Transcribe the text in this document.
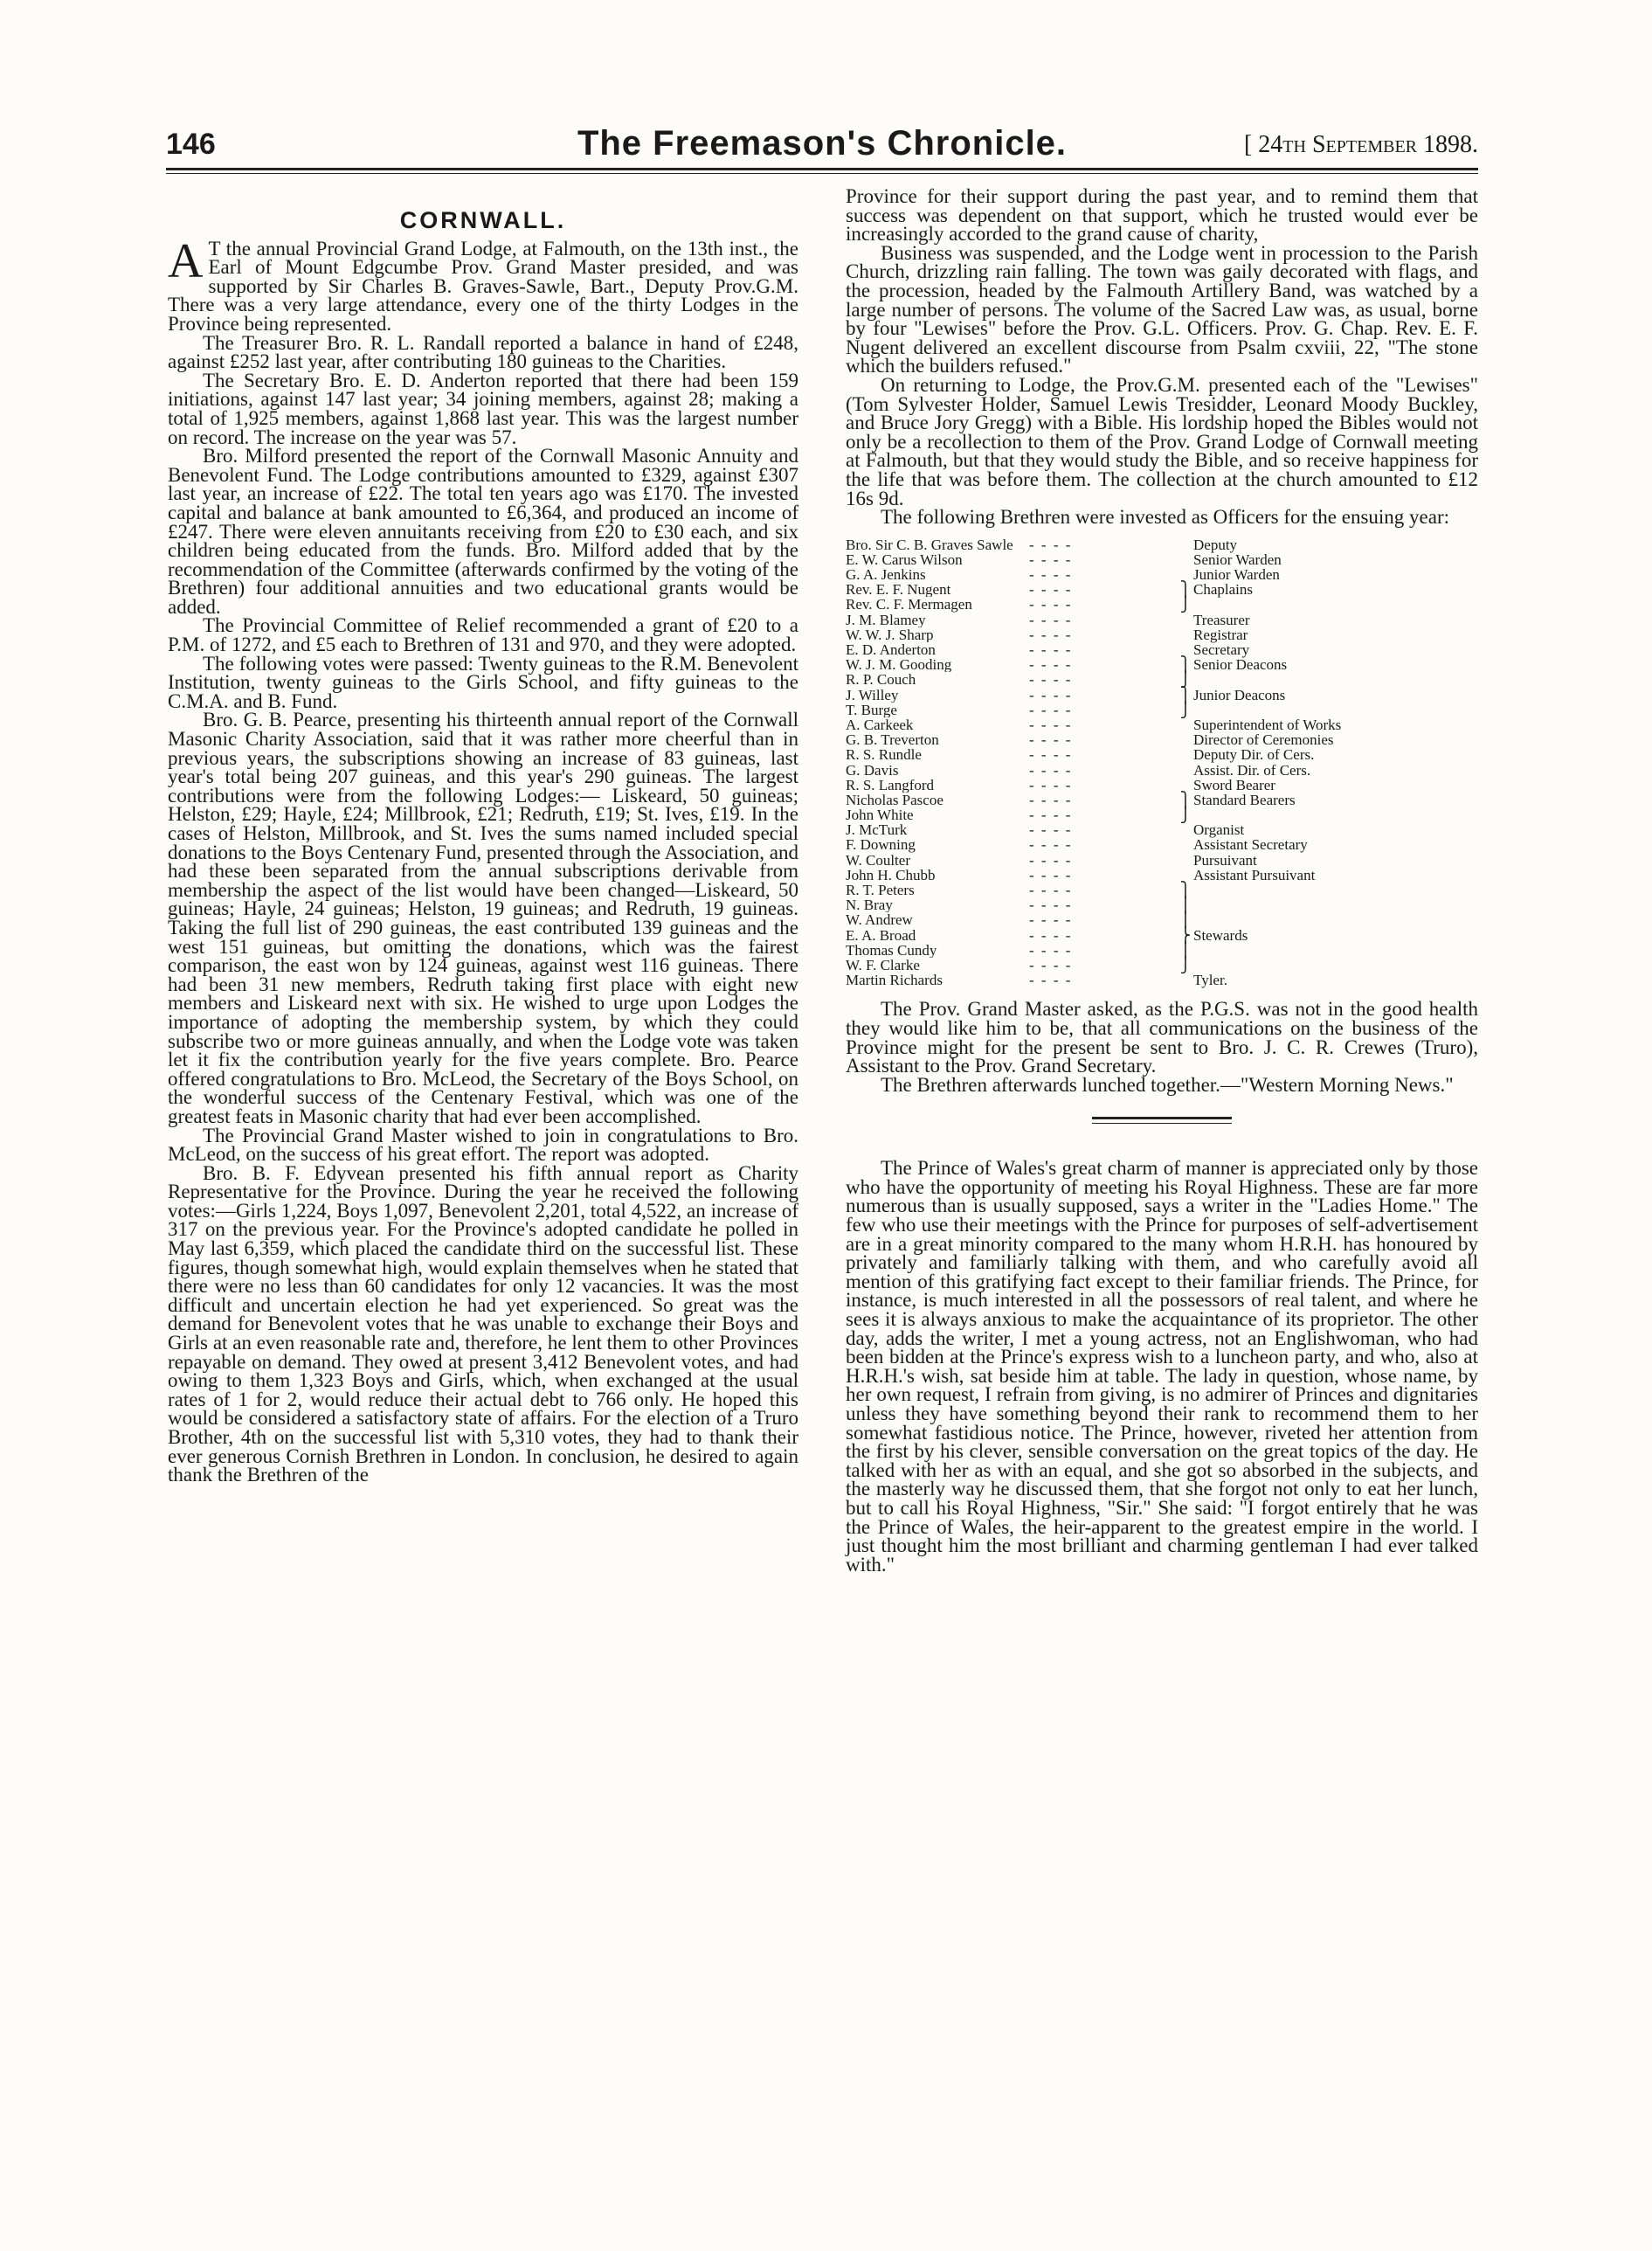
146	The Freemason's Chronicle.	[ 24th September 1898.
CORNWALL.

A T the annual Provincial Grand Lodge, at Falmouth, on the 13th inst., the Earl of Mount Edgcumbe Prov. Grand Master presided, and was supported by Sir Charles B. Graves-Sawle, Bart., Deputy Prov.G.M. There was a very large attendance, every one of the thirty Lodges in the Province being represented.

The Treasurer Bro. R. L. Randall reported a balance in hand of £248, against £252 last year, after contributing 180 guineas to the Charities.

The Secretary Bro. E. D. Anderton reported that there had been 159 initiations, against 147 last year; 34 joining members, against 28; making a total of 1,925 members, against 1,868 last year. This was the largest number on record. The increase on the year was 57.

Bro. Milford presented the report of the Cornwall Masonic Annuity and Benevolent Fund. The Lodge contributions amounted to £329, against £307 last year, an increase of £22. The total ten years ago was £170. The invested capital and balance at bank amounted to £6,364, and produced an income of £247. There were eleven annuitants receiving from £20 to £30 each, and six children being educated from the funds. Bro. Milford added that by the recommendation of the Committee (afterwards confirmed by the voting of the Brethren) four additional annuities and two educational grants would be added.

The Provincial Committee of Relief recommended a grant of £20 to a P.M. of 1272, and £5 each to Brethren of 131 and 970, and they were adopted.

The following votes were passed: Twenty guineas to the R.M. Benevolent Institution, twenty guineas to the Girls School, and fifty guineas to the C.M.A. and B. Fund.

Bro. G. B. Pearce, presenting his thirteenth annual report of the Cornwall Masonic Charity Association, said that it was rather more cheerful than in previous years, the subscriptions showing an increase of 83 guineas, last year's total being 207 guineas, and this year's 290 guineas. The largest contributions were from the following Lodges:— Liskeard, 50 guineas; Helston, £29; Hayle, £24; Millbrook, £21; Redruth, £19; St. Ives, £19. In the cases of Helston, Millbrook, and St. Ives the sums named included special donations to the Boys Centenary Fund, presented through the Association, and had these been separated from the annual subscriptions derivable from membership the aspect of the list would have been changed—Liskeard, 50 guineas; Hayle, 24 guineas; Helston, 19 guineas; and Redruth, 19 guineas. Taking the full list of 290 guineas, the east contributed 139 guineas and the west 151 guineas, but omitting the donations, which was the fairest comparison, the east won by 124 guineas, against west 116 guineas. There had been 31 new members, Redruth taking first place with eight new members and Liskeard next with six. He wished to urge upon Lodges the importance of adopting the membership system, by which they could subscribe two or more guineas annually, and when the Lodge vote was taken let it fix the contribution yearly for the five years complete. Bro. Pearce offered congratulations to Bro. McLeod, the Secretary of the Boys School, on the wonderful success of the Centenary Festival, which was one of the greatest feats in Masonic charity that had ever been accomplished.

The Provincial Grand Master wished to join in congratulations to Bro. McLeod, on the success of his great effort. The report was adopted.

Bro. B. F. Edyvean presented his fifth annual report as Charity Representative for the Province. During the year he received the following votes:—Girls 1,224, Boys 1,097, Benevolent 2,201, total 4,522, an increase of 317 on the previous year. For the Province's adopted candidate he polled in May last 6,359, which placed the candidate third on the successful list. These figures, though somewhat high, would explain themselves when he stated that there were no less than 60 candidates for only 12 vacancies. It was the most difficult and uncertain election he had yet experienced. So great was the demand for Benevolent votes that he was unable to exchange their Boys and Girls at an even reasonable rate and, therefore, he lent them to other Provinces repayable on demand. They owed at present 3,412 Benevolent votes, and had owing to them 1,323 Boys and Girls, which, when exchanged at the usual rates of 1 for 2, would reduce their actual debt to 766 only. He hoped this would be considered a satisfactory state of affairs. For the election of a Truro Brother, 4th on the successful list with 5,310 votes, they had to thank their ever generous Cornish Brethren in London. In conclusion, he desired to again thank the Brethren of the

Province for their support during the past year, and to remind them that success was dependent on that support, which he trusted would ever be increasingly accorded to the grand cause of charity,

Business was suspended, and the Lodge went in procession to the Parish Church, drizzling rain falling. The town was gaily decorated with flags, and the procession, headed by the Falmouth Artillery Band, was watched by a large number of persons. The volume of the Sacred Law was, as usual, borne by four "Lewises" before the Prov. G.L. Officers. Prov. G. Chap. Rev. E. F. Nugent delivered an excellent discourse from Psalm cxviii, 22, "The stone which the builders refused."

On returning to Lodge, the Prov.G.M. presented each of the "Lewises" (Tom Sylvester Holder, Samuel Lewis Tresidder, Leonard Moody Buckley, and Bruce Jory Gregg) with a Bible. His lordship hoped the Bibles would not only be a recollection to them of the Prov. Grand Lodge of Cornwall meeting at Falmouth, but that they would study the Bible, and so receive happiness for the life that was before them. The collection at the church amounted to £12 16s 9d.

The following Brethren were invested as Officers for the ensuing year:

Bro. Sir C. B. Graves Sawle	- - - -	Deputy
E. W. Carus Wilson	- - - -	Senior Warden
G. A. Jenkins	- - - -	Junior Warden
Rev. E. F. Nugent	- - - -	⎫ Chaplains
Rev. C. F. Mermagen	- - - -	⎭
J. M. Blamey	- - - -	Treasurer
W. W. J. Sharp	- - - -	Registrar
E. D. Anderton	- - - -	Secretary
W. J. M. Gooding	- - - -	⎫ Senior Deacons
R. P. Couch	- - - -	⎭
J. Willey	- - - -	⎫ Junior Deacons
T. Burge	- - - -	⎭
A. Carkeek	- - - -	Superintendent of Works
G. B. Treverton	- - - -	Director of Ceremonies
R. S. Rundle	- - - -	Deputy Dir. of Cers.
G. Davis	- - - -	Assist. Dir. of Cers.
R. S. Langford	- - - -	Sword Bearer
Nicholas Pascoe	- - - -	⎫ Standard Bearers
John White	- - - -	⎭
J. McTurk	- - - -	Organist
F. Downing	- - - -	Assistant Secretary
W. Coulter	- - - -	Pursuivant
John H. Chubb	- - - -	Assistant Pursuivant
R. T. Peters	- - - -	⎫
N. Bray	- - - -	⎪
W. Andrew	- - - -	⎪
E. A. Broad	- - - -	⎬ Stewards
Thomas Cundy	- - - -	⎪
W. F. Clarke	- - - -	⎭
Martin Richards	- - - -	Tyler.

The Prov. Grand Master asked, as the P.G.S. was not in the good health they would like him to be, that all communications on the business of the Province might for the present be sent to Bro. J. C. R. Crewes (Truro), Assistant to the Prov. Grand Secretary.

The Brethren afterwards lunched together.—"Western Morning News."

The Prince of Wales's great charm of manner is appreciated only by those who have the opportunity of meeting his Royal Highness. These are far more numerous than is usually supposed, says a writer in the "Ladies Home." The few who use their meetings with the Prince for purposes of self-advertisement are in a great minority compared to the many whom H.R.H. has honoured by privately and familiarly talking with them, and who carefully avoid all mention of this gratifying fact except to their familiar friends. The Prince, for instance, is much interested in all the possessors of real talent, and where he sees it is always anxious to make the acquaintance of its proprietor. The other day, adds the writer, I met a young actress, not an Englishwoman, who had been bidden at the Prince's express wish to a luncheon party, and who, also at H.R.H.'s wish, sat beside him at table. The lady in question, whose name, by her own request, I refrain from giving, is no admirer of Princes and dignitaries unless they have something beyond their rank to recommend them to her somewhat fastidious notice. The Prince, however, riveted her attention from the first by his clever, sensible conversation on the great topics of the day. He talked with her as with an equal, and she got so absorbed in the subjects, and the masterly way he discussed them, that she forgot not only to eat her lunch, but to call his Royal Highness, "Sir." She said: "I forgot entirely that he was the Prince of Wales, the heir-apparent to the greatest empire in the world. I just thought him the most brilliant and charming gentleman I had ever talked with."
